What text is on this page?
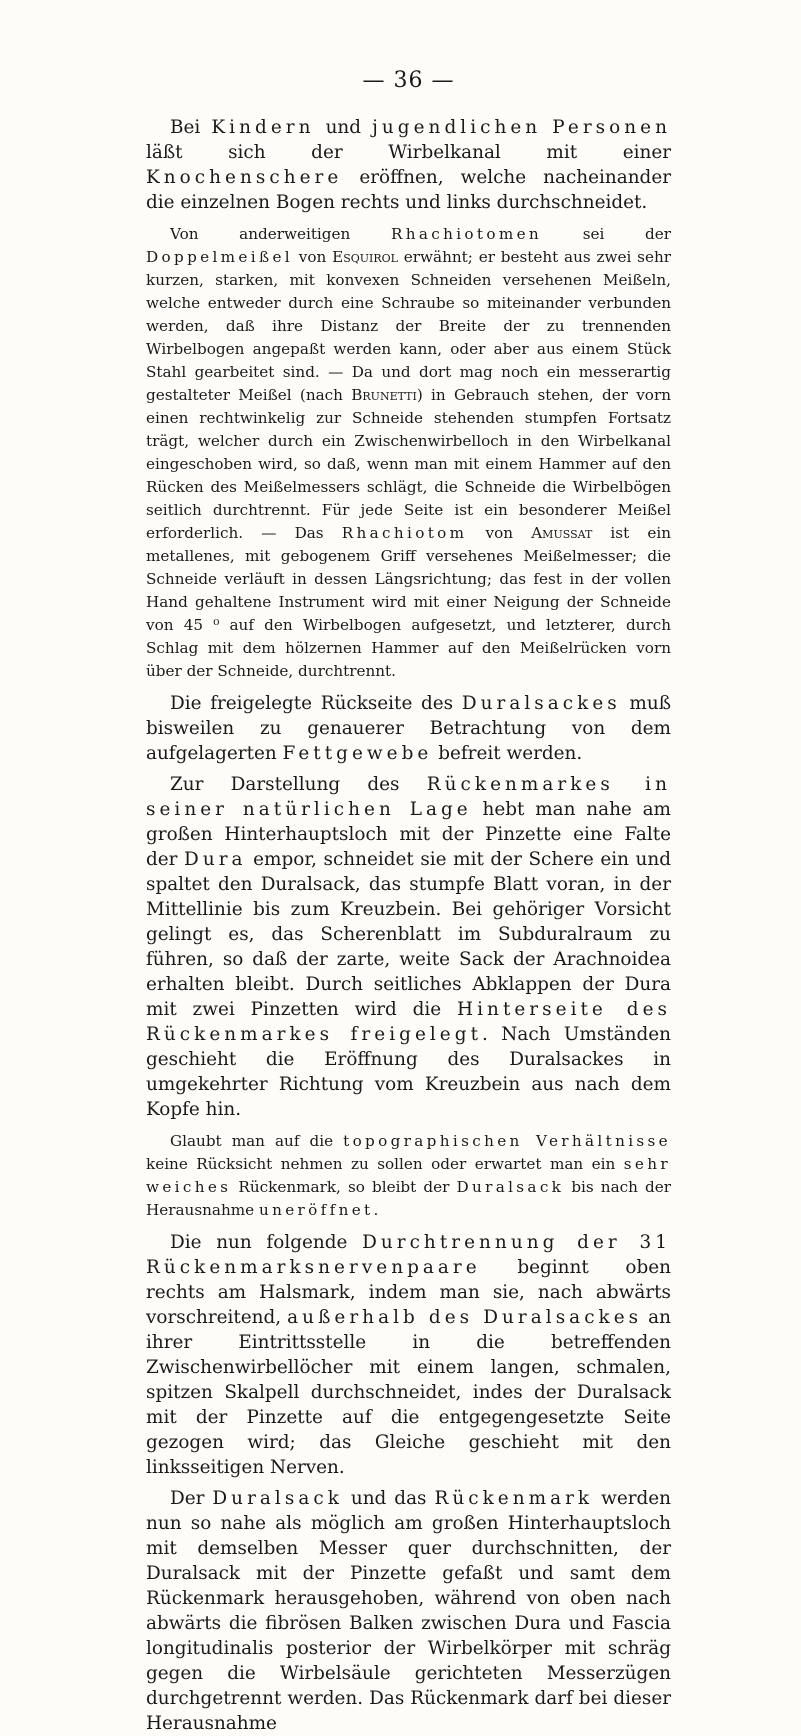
— 36 —

Bei Kindern und jugendlichen Personen läßt sich der Wirbelkanal mit einer Knochenschere eröffnen, welche nacheinander die einzelnen Bogen rechts und links durchschneidet.

Von anderweitigen Rhachiotomen sei der Doppelmeißel von Esquirol erwähnt; er besteht aus zwei sehr kurzen, starken, mit konvexen Schneiden versehenen Meißeln, welche entweder durch eine Schraube so miteinander verbunden werden, daß ihre Distanz der Breite der zu trennenden Wirbelbogen angepaßt werden kann, oder aber aus einem Stück Stahl gearbeitet sind. — Da und dort mag noch ein messerartig gestalteter Meißel (nach Brunetti) in Gebrauch stehen, der vorn einen rechtwinkelig zur Schneide stehenden stumpfen Fortsatz trägt, welcher durch ein Zwischenwirbelloch in den Wirbelkanal eingeschoben wird, so daß, wenn man mit einem Hammer auf den Rücken des Meißelmessers schlägt, die Schneide die Wirbelbögen seitlich durchtrennt. Für jede Seite ist ein besonderer Meißel erforderlich. — Das Rhachiotom von Amussat ist ein metallenes, mit gebogenem Griff versehenes Meißelmesser; die Schneide verläuft in dessen Längsrichtung; das fest in der vollen Hand gehaltene Instrument wird mit einer Neigung der Schneide von 45 ⁰ auf den Wirbelbogen aufgesetzt, und letzterer, durch Schlag mit dem hölzernen Hammer auf den Meißelrücken vorn über der Schneide, durchtrennt.

Die freigelegte Rückseite des Duralsackes muß bisweilen zu genauerer Betrachtung von dem aufgelagerten Fettgewebe befreit werden.

Zur Darstellung des Rückenmarkes in seiner natürlichen Lage hebt man nahe am großen Hinterhauptsloch mit der Pinzette eine Falte der Dura empor, schneidet sie mit der Schere ein und spaltet den Duralsack, das stumpfe Blatt voran, in der Mittellinie bis zum Kreuzbein. Bei gehöriger Vorsicht gelingt es, das Scherenblatt im Subduralraum zu führen, so daß der zarte, weite Sack der Arachnoidea erhalten bleibt. Durch seitliches Abklappen der Dura mit zwei Pinzetten wird die Hinterseite des Rückenmarkes freigelegt. Nach Umständen geschieht die Eröffnung des Duralsackes in umgekehrter Richtung vom Kreuzbein aus nach dem Kopfe hin.

Glaubt man auf die topographischen Verhältnisse keine Rücksicht nehmen zu sollen oder erwartet man ein sehr weiches Rückenmark, so bleibt der Duralsack bis nach der Herausnahme uneröffnet.

Die nun folgende Durchtrennung der 31 Rückenmarksnervenpaare beginnt oben rechts am Halsmark, indem man sie, nach abwärts vorschreitend, außerhalb des Duralsackes an ihrer Eintrittsstelle in die betreffenden Zwischenwirbellöcher mit einem langen, schmalen, spitzen Skalpell durchschneidet, indes der Duralsack mit der Pinzette auf die entgegengesetzte Seite gezogen wird; das Gleiche geschieht mit den linksseitigen Nerven.

Der Duralsack und das Rückenmark werden nun so nahe als möglich am großen Hinterhauptsloch mit demselben Messer quer durchschnitten, der Duralsack mit der Pinzette gefaßt und samt dem Rückenmark herausgehoben, während von oben nach abwärts die fibrösen Balken zwischen Dura und Fascia longitudinalis posterior der Wirbelkörper mit schräg gegen die Wirbelsäule gerichteten Messerzügen durchgetrennt werden. Das Rückenmark darf bei dieser Herausnahme
